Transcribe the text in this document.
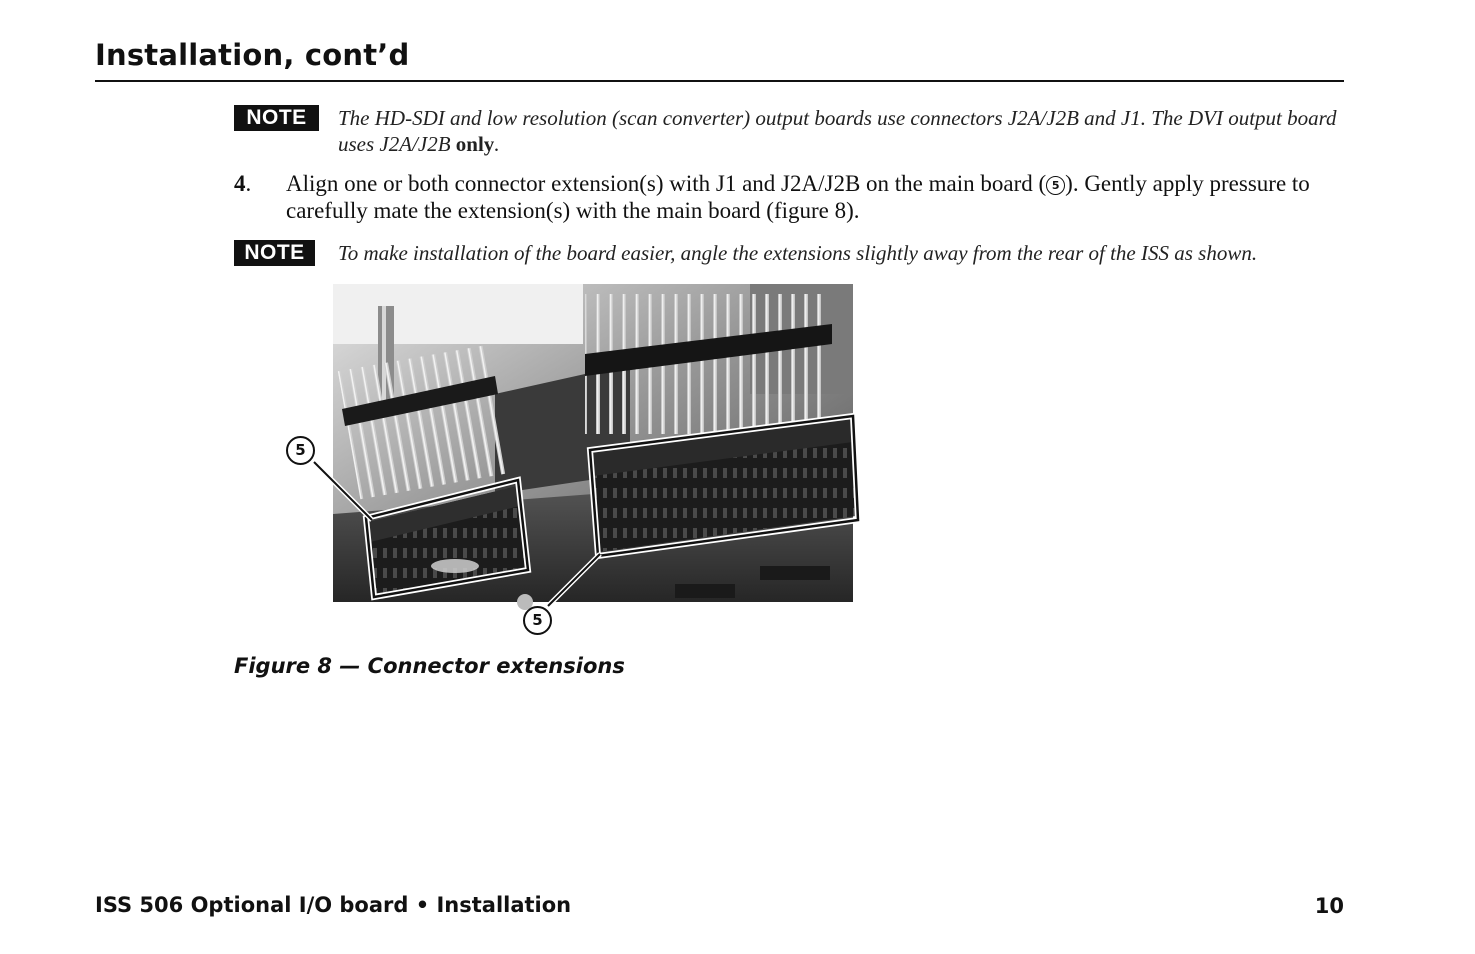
Installation, cont’d
NOTE	The HD-SDI and low resolution (scan converter) output boards use connectors J2A/J2B and J1. The DVI output board uses J2A/J2B only.
4. Align one or both connector extension(s) with J1 and J2A/J2B on the main board ( 5 ). Gently apply pressure to carefully mate the extension(s) with the main board (figure 8).
NOTE	To make installation of the board easier, angle the extensions slightly away from the rear of the ISS as shown.
5
5
Figure 8 — Connector extensions
ISS 506 Optional I/O board • Installation	10
